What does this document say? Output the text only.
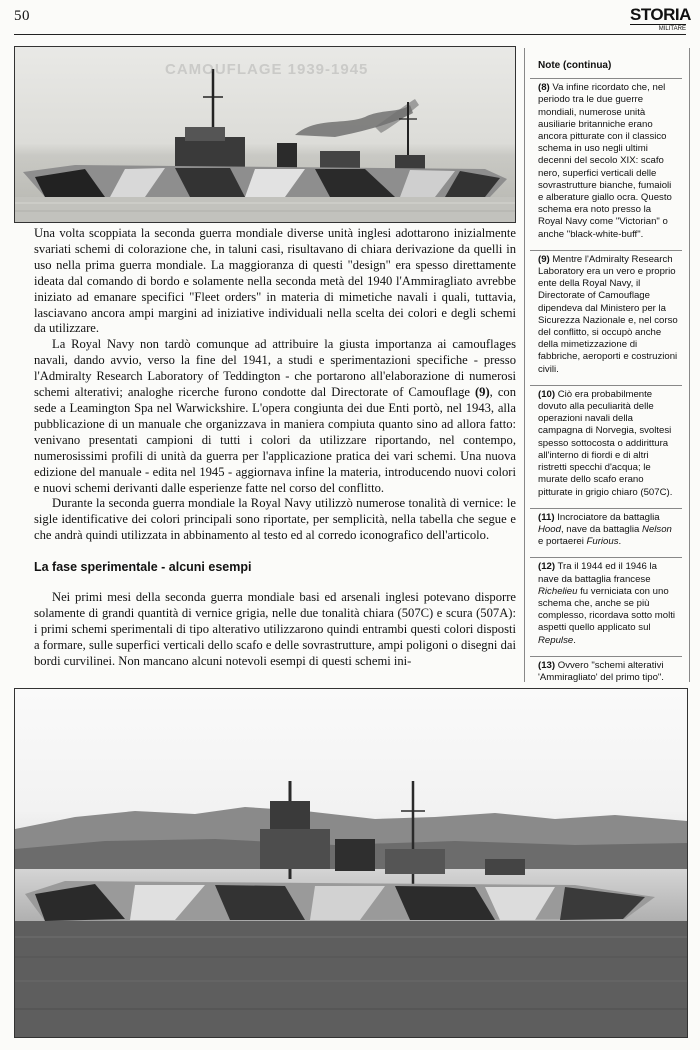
50	STORIA
MILITARE
CAMOUFLAGE 1939-1945

Una volta scoppiata la seconda guerra mondiale diverse unità inglesi adottarono inizialmente svariati schemi di colorazione che, in taluni casi, risultavano di chiara derivazione da quelli in uso nella prima guerra mondiale. La maggioranza di questi "design" era spesso direttamente ideata dal comando di bordo e solamente nella seconda metà del 1940 l'Ammiragliato avrebbe iniziato ad emanare specifici "Fleet orders" in materia di mimetiche navali i quali, tuttavia, lasciavano ancora ampi margini ad iniziative individuali nella scelta dei colori e degli schemi da utilizzare.

La Royal Navy non tardò comunque ad attribuire la giusta importanza ai camouflages navali, dando avvio, verso la fine del 1941, a studi e sperimentazioni specifiche - presso l'Admiralty Research Laboratory of Teddington - che portarono all'elaborazione di numerosi schemi alterativi; analoghe ricerche furono condotte dal Directorate of Camouflage (9), con sede a Leamington Spa nel Warwickshire. L'opera congiunta dei due Enti portò, nel 1943, alla pubblicazione di un manuale che organizzava in maniera compiuta quanto sino ad allora fatto: venivano presentati campioni di tutti i colori da utilizzare riportando, nel contempo, numerosissimi profili di unità da guerra per l'applicazione pratica dei vari schemi. Una nuova edizione del manuale - edita nel 1945 - aggiornava infine la materia, introducendo nuovi colori e nuovi schemi derivanti dalle esperienze fatte nel corso del conflitto.

Durante la seconda guerra mondiale la Royal Navy utilizzò numerose tonalità di vernice: le sigle identificative dei colori principali sono riportate, per semplicità, nella tabella che segue e che andrà quindi utilizzata in abbinamento al testo ed al corredo iconografico dell'articolo.

La fase sperimentale - alcuni esempi

Nei primi mesi della seconda guerra mondiale basi ed arsenali inglesi potevano disporre solamente di grandi quantità di vernice grigia, nelle due tonalità chiara (507C) e scura (507A): i primi schemi sperimentali di tipo alterativo utilizzarono quindi entrambi questi colori disposti a formare, sulle superfici verticali dello scafo e delle sovrastrutture, ampi poligoni o disegni dai bordi curvilinei. Non mancano alcuni notevoli esempi di questi schemi ini-

Note (continua)
(8) Va infine ricordato che, nel periodo tra le due guerre mondiali, numerose unità ausiliarie britanniche erano ancora pitturate con il classico schema in uso negli ultimi decenni del secolo XIX: scafo nero, superfici verticali delle sovrastrutture bianche, fumaioli e alberature giallo ocra. Questo schema era noto presso la Royal Navy come "Victorian" o anche "black-white-buff".
(9) Mentre l'Admiralty Research Laboratory era un vero e proprio ente della Royal Navy, il Directorate of Camouflage dipendeva dal Ministero per la Sicurezza Nazionale e, nel corso del conflitto, si occupò anche della mimetizzazione di fabbriche, aeroporti e costruzioni civili.
(10) Ciò era probabilmente dovuto alla peculiarità delle operazioni navali della campagna di Norvegia, svoltesi spesso sottocosta o addirittura all'interno di fiordi e di altri ristretti specchi d'acqua; le murate dello scafo erano pitturate in grigio chiaro (507C).
(11) Incrociatore da battaglia Hood, nave da battaglia Nelson e portaerei Furious.
(12) Tra il 1944 ed il 1946 la nave da battaglia francese Richelieu fu verniciata con uno schema che, anche se più complesso, ricordava sotto molti aspetti quello applicato sul Repulse.
(13) Ovvero "schemi alterativi 'Ammiragliato' del primo tipo".
